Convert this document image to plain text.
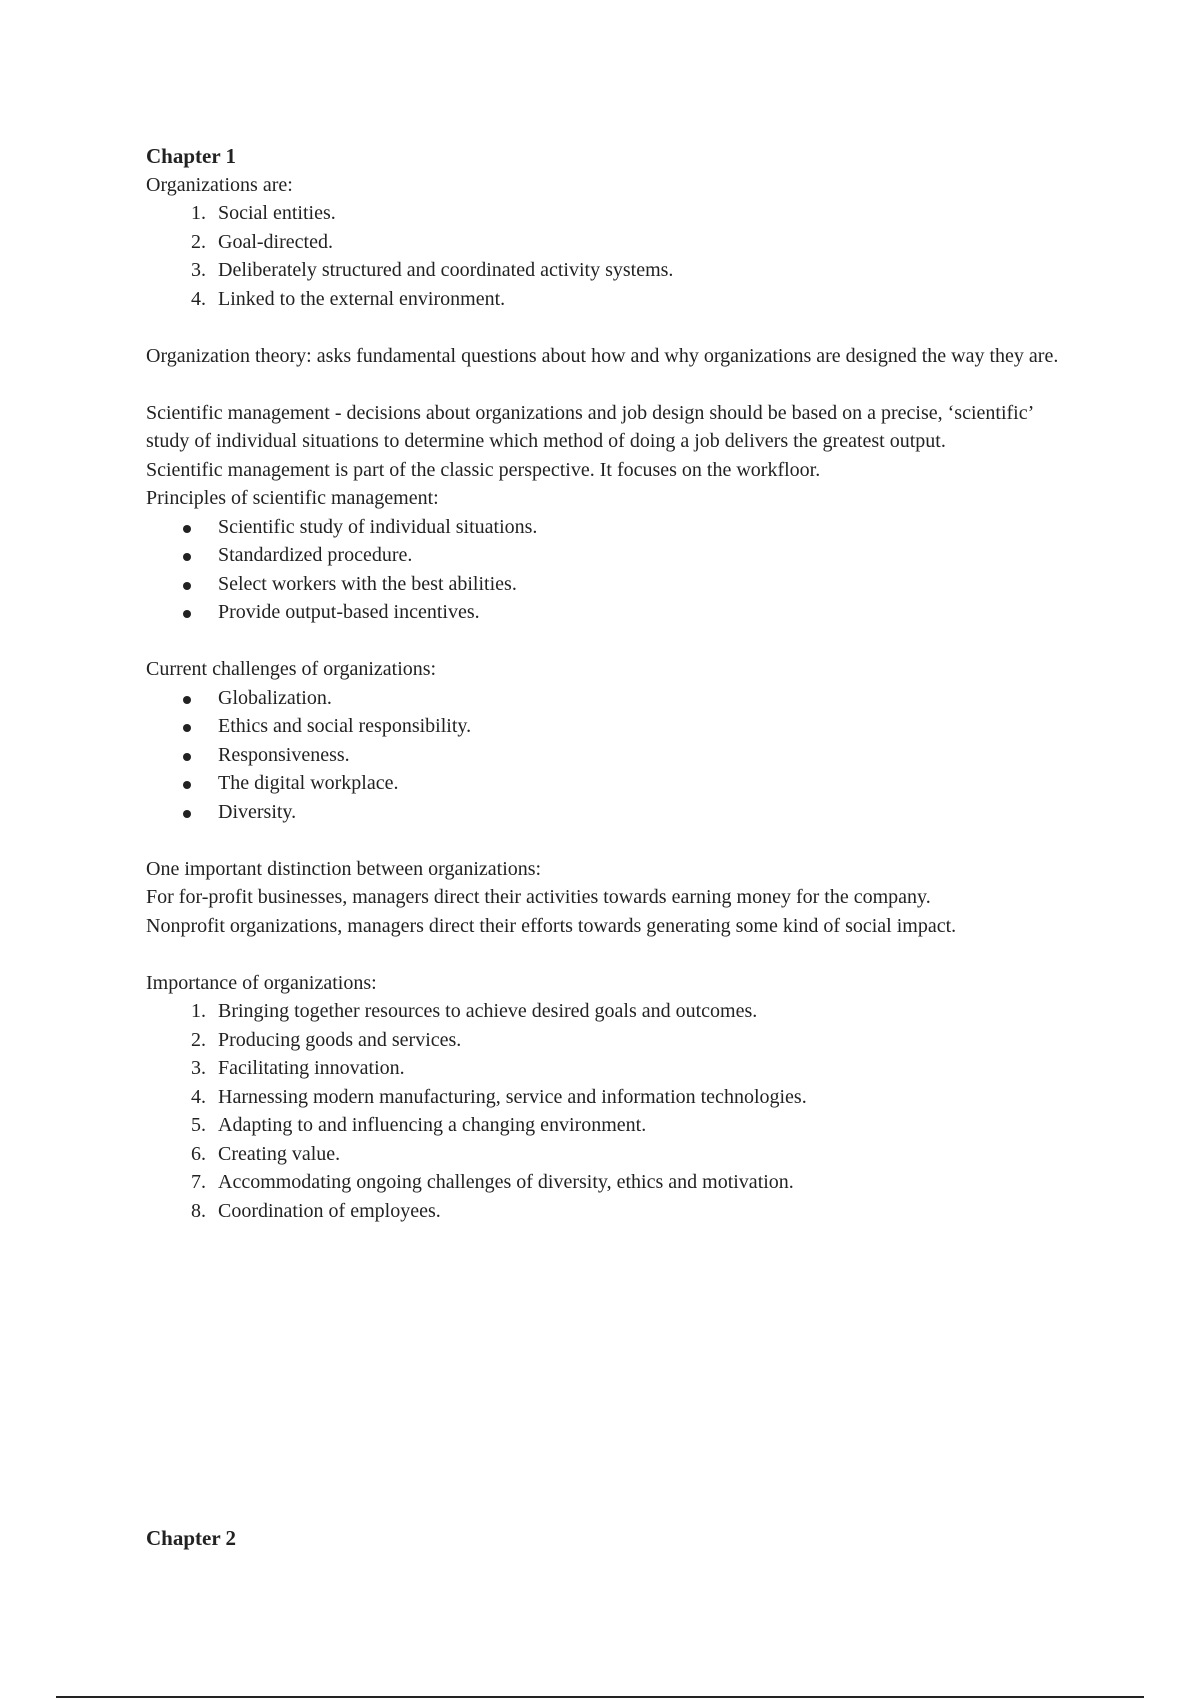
Chapter 1

Organizations are:

1. Social entities.
2. Goal-directed.
3. Deliberately structured and coordinated activity systems.
4. Linked to the external environment.

Organization theory: asks fundamental questions about how and why organizations are designed the way they are.

Scientific management - decisions about organizations and job design should be based on a precise, ‘scientific’ study of individual situations to determine which method of doing a job delivers the greatest output.

Scientific management is part of the classic perspective. It focuses on the workfloor.

Principles of scientific management:

Scientific study of individual situations.
Standardized procedure.
Select workers with the best abilities.
Provide output-based incentives.

Current challenges of organizations:

Globalization.
Ethics and social responsibility.
Responsiveness.
The digital workplace.
Diversity.

One important distinction between organizations:

For for-profit businesses, managers direct their activities towards earning money for the company.

Nonprofit organizations, managers direct their efforts towards generating some kind of social impact.

Importance of organizations:

1. Bringing together resources to achieve desired goals and outcomes.
2. Producing goods and services.
3. Facilitating innovation.
4. Harnessing modern manufacturing, service and information technologies.
5. Adapting to and influencing a changing environment.
6. Creating value.
7. Accommodating ongoing challenges of diversity, ethics and motivation.
8. Coordination of employees.

Chapter 2
